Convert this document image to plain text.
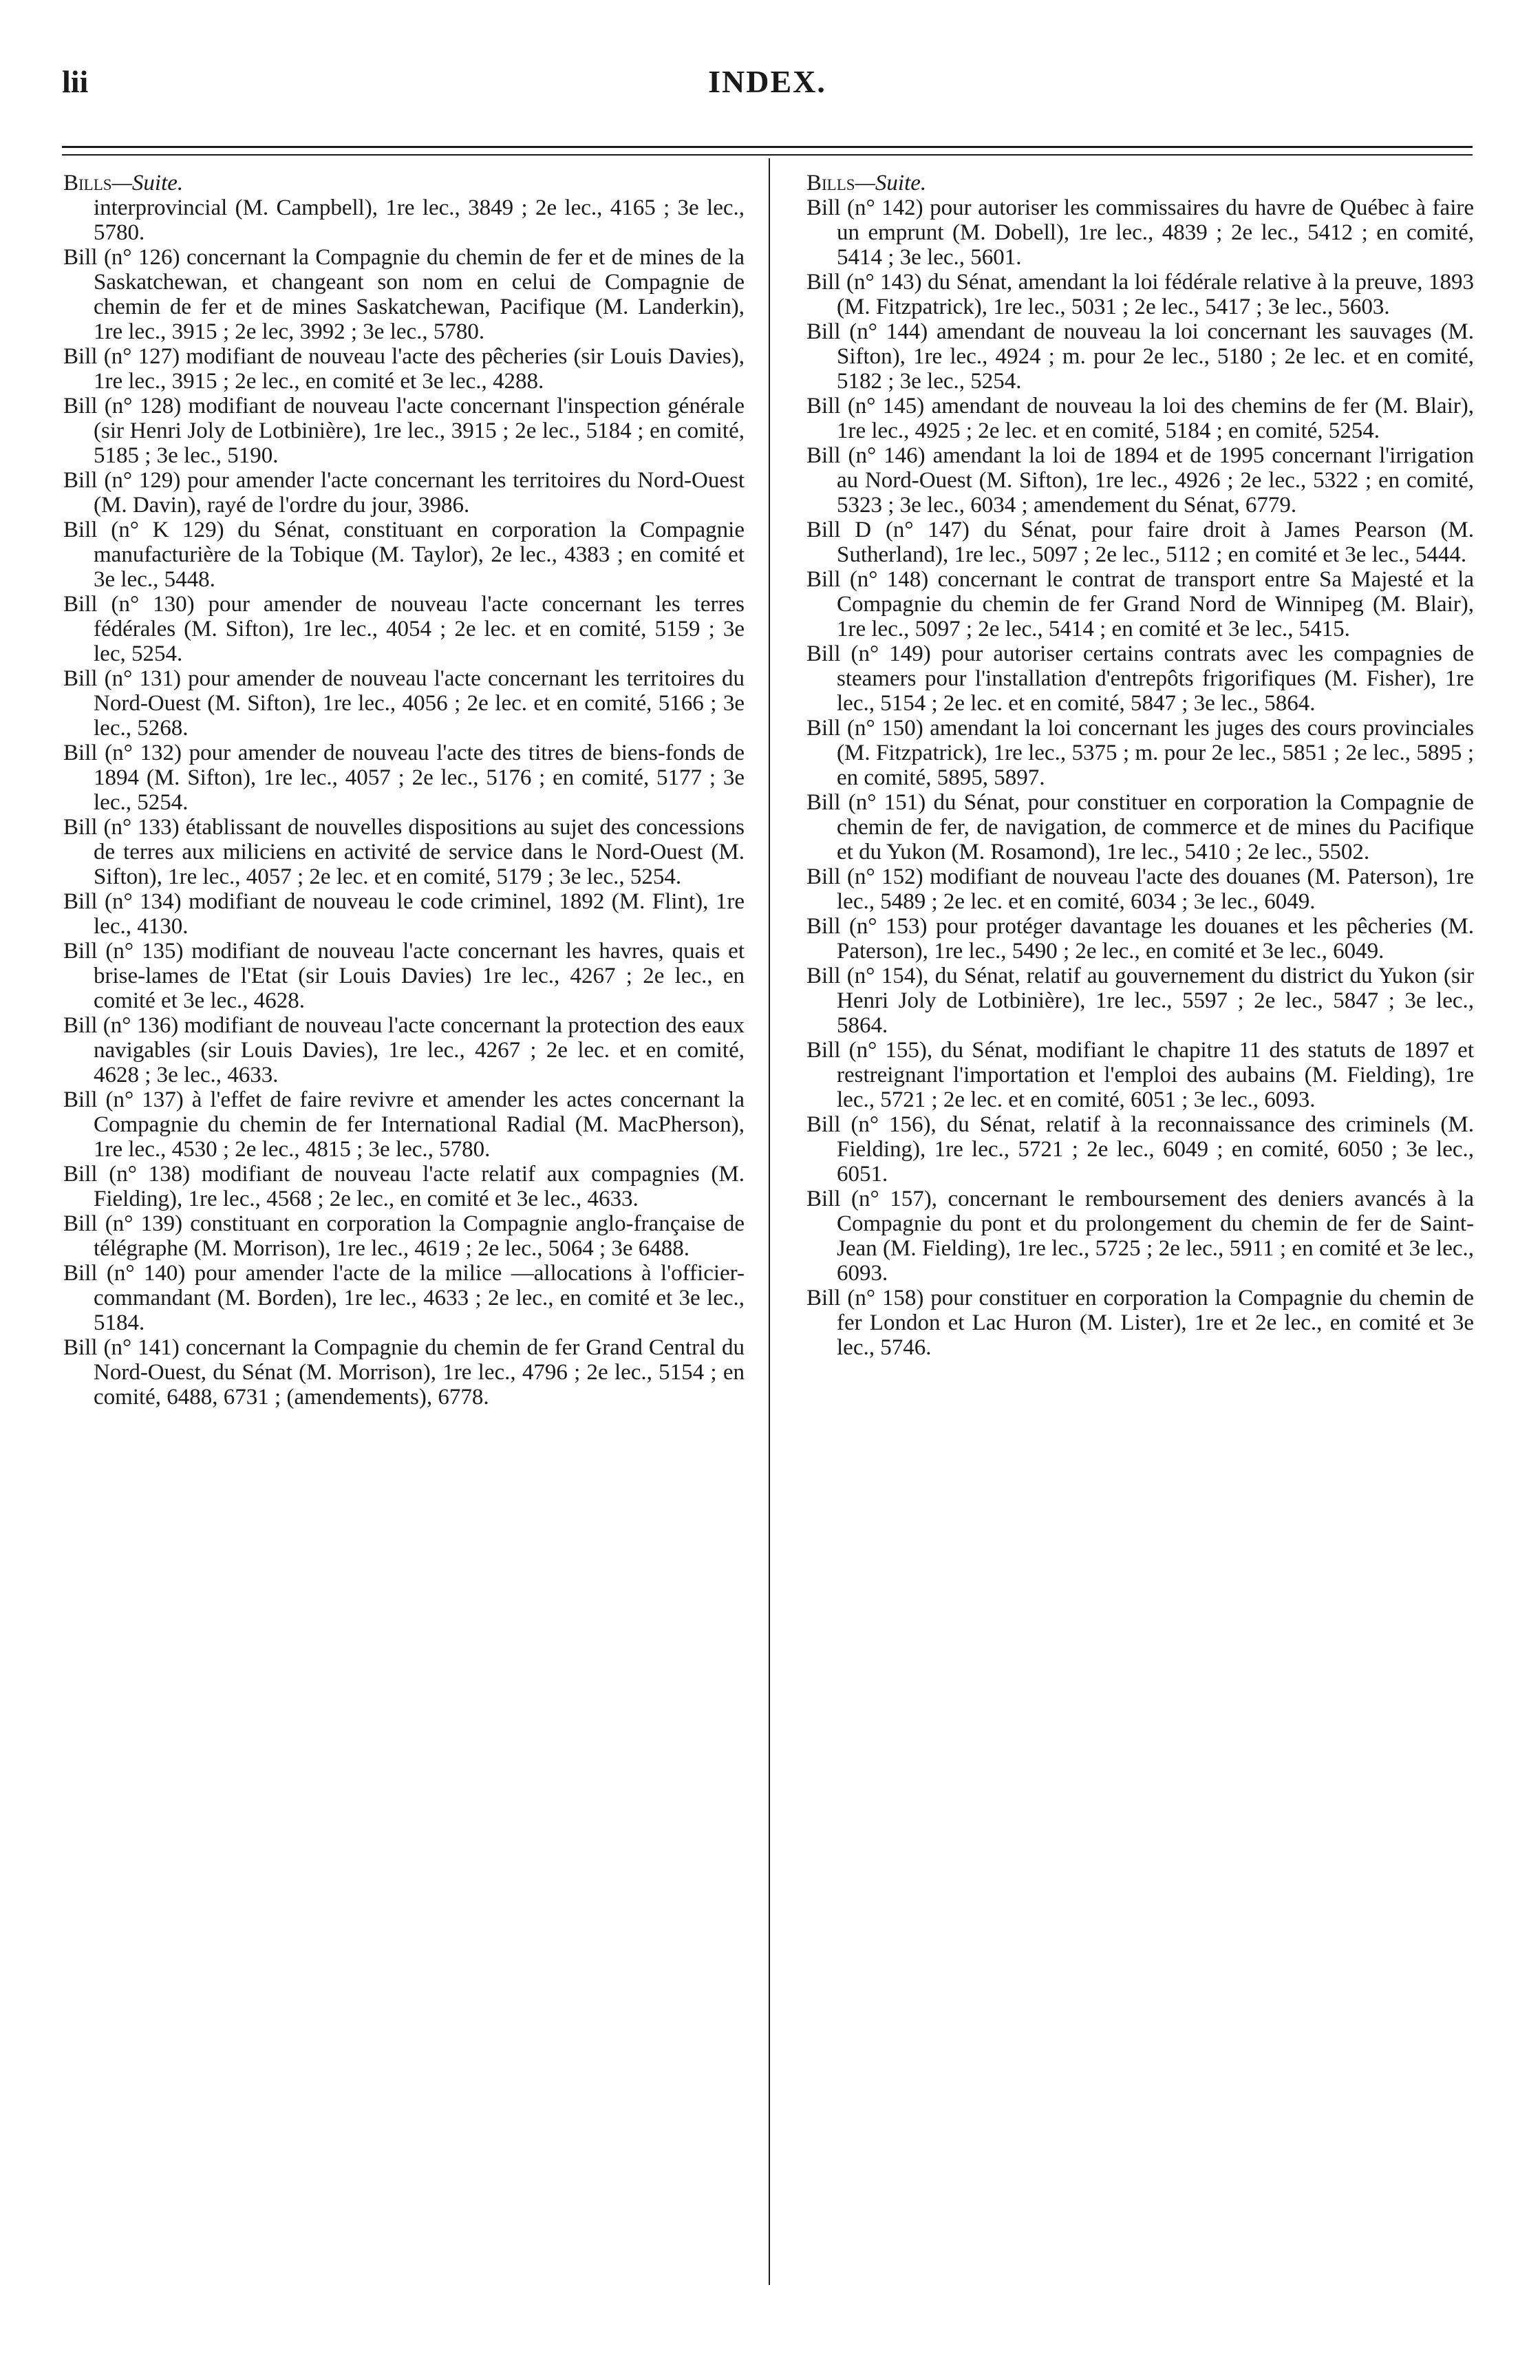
lii	INDEX.

Bills—Suite.

interprovincial (M. Campbell), 1re lec., 3849 ; 2e lec., 4165 ; 3e lec., 5780.

Bill (n° 126) concernant la Compagnie du chemin de fer et de mines de la Saskatchewan, et changeant son nom en celui de Compagnie de chemin de fer et de mines Saskatchewan, Pacifique (M. Landerkin), 1re lec., 3915 ; 2e lec, 3992 ; 3e lec., 5780.

Bill (n° 127) modifiant de nouveau l'acte des pêcheries (sir Louis Davies), 1re lec., 3915 ; 2e lec., en comité et 3e lec., 4288.

Bill (n° 128) modifiant de nouveau l'acte concernant l'inspection générale (sir Henri Joly de Lotbinière), 1re lec., 3915 ; 2e lec., 5184 ; en comité, 5185 ; 3e lec., 5190.

Bill (n° 129) pour amender l'acte concernant les territoires du Nord-Ouest (M. Davin), rayé de l'ordre du jour, 3986.

Bill (n° K 129) du Sénat, constituant en corporation la Compagnie manufacturière de la Tobique (M. Taylor), 2e lec., 4383 ; en comité et 3e lec., 5448.

Bill (n° 130) pour amender de nouveau l'acte concernant les terres fédérales (M. Sifton), 1re lec., 4054 ; 2e lec. et en comité, 5159 ; 3e lec, 5254.

Bill (n° 131) pour amender de nouveau l'acte concernant les territoires du Nord-Ouest (M. Sifton), 1re lec., 4056 ; 2e lec. et en comité, 5166 ; 3e lec., 5268.

Bill (n° 132) pour amender de nouveau l'acte des titres de biens-fonds de 1894 (M. Sifton), 1re lec., 4057 ; 2e lec., 5176 ; en comité, 5177 ; 3e lec., 5254.

Bill (n° 133) établissant de nouvelles dispositions au sujet des concessions de terres aux miliciens en activité de service dans le Nord-Ouest (M. Sifton), 1re lec., 4057 ; 2e lec. et en comité, 5179 ; 3e lec., 5254.

Bill (n° 134) modifiant de nouveau le code criminel, 1892 (M. Flint), 1re lec., 4130.

Bill (n° 135) modifiant de nouveau l'acte concernant les havres, quais et brise-lames de l'Etat (sir Louis Davies) 1re lec., 4267 ; 2e lec., en comité et 3e lec., 4628.

Bill (n° 136) modifiant de nouveau l'acte concernant la protection des eaux navigables (sir Louis Davies), 1re lec., 4267 ; 2e lec. et en comité, 4628 ; 3e lec., 4633.

Bill (n° 137) à l'effet de faire revivre et amender les actes concernant la Compagnie du chemin de fer International Radial (M. MacPherson), 1re lec., 4530 ; 2e lec., 4815 ; 3e lec., 5780.

Bill (n° 138) modifiant de nouveau l'acte relatif aux compagnies (M. Fielding), 1re lec., 4568 ; 2e lec., en comité et 3e lec., 4633.

Bill (n° 139) constituant en corporation la Compagnie anglo-française de télégraphe (M. Morrison), 1re lec., 4619 ; 2e lec., 5064 ; 3e 6488.

Bill (n° 140) pour amender l'acte de la milice —allocations à l'officier-commandant (M. Borden), 1re lec., 4633 ; 2e lec., en comité et 3e lec., 5184.

Bill (n° 141) concernant la Compagnie du chemin de fer Grand Central du Nord-Ouest, du Sénat (M. Morrison), 1re lec., 4796 ; 2e lec., 5154 ; en comité, 6488, 6731 ; (amendements), 6778.

Bills—Suite.

Bill (n° 142) pour autoriser les commissaires du havre de Québec à faire un emprunt (M. Dobell), 1re lec., 4839 ; 2e lec., 5412 ; en comité, 5414 ; 3e lec., 5601.

Bill (n° 143) du Sénat, amendant la loi fédérale relative à la preuve, 1893 (M. Fitzpatrick), 1re lec., 5031 ; 2e lec., 5417 ; 3e lec., 5603.

Bill (n° 144) amendant de nouveau la loi concernant les sauvages (M. Sifton), 1re lec., 4924 ; m. pour 2e lec., 5180 ; 2e lec. et en comité, 5182 ; 3e lec., 5254.

Bill (n° 145) amendant de nouveau la loi des chemins de fer (M. Blair), 1re lec., 4925 ; 2e lec. et en comité, 5184 ; en comité, 5254.

Bill (n° 146) amendant la loi de 1894 et de 1995 concernant l'irrigation au Nord-Ouest (M. Sifton), 1re lec., 4926 ; 2e lec., 5322 ; en comité, 5323 ; 3e lec., 6034 ; amendement du Sénat, 6779.

Bill D (n° 147) du Sénat, pour faire droit à James Pearson (M. Sutherland), 1re lec., 5097 ; 2e lec., 5112 ; en comité et 3e lec., 5444.

Bill (n° 148) concernant le contrat de transport entre Sa Majesté et la Compagnie du chemin de fer Grand Nord de Winnipeg (M. Blair), 1re lec., 5097 ; 2e lec., 5414 ; en comité et 3e lec., 5415.

Bill (n° 149) pour autoriser certains contrats avec les compagnies de steamers pour l'installation d'entrepôts frigorifiques (M. Fisher), 1re lec., 5154 ; 2e lec. et en comité, 5847 ; 3e lec., 5864.

Bill (n° 150) amendant la loi concernant les juges des cours provinciales (M. Fitzpatrick), 1re lec., 5375 ; m. pour 2e lec., 5851 ; 2e lec., 5895 ; en comité, 5895, 5897.

Bill (n° 151) du Sénat, pour constituer en corporation la Compagnie de chemin de fer, de navigation, de commerce et de mines du Pacifique et du Yukon (M. Rosamond), 1re lec., 5410 ; 2e lec., 5502.

Bill (n° 152) modifiant de nouveau l'acte des douanes (M. Paterson), 1re lec., 5489 ; 2e lec. et en comité, 6034 ; 3e lec., 6049.

Bill (n° 153) pour protéger davantage les douanes et les pêcheries (M. Paterson), 1re lec., 5490 ; 2e lec., en comité et 3e lec., 6049.

Bill (n° 154), du Sénat, relatif au gouvernement du district du Yukon (sir Henri Joly de Lotbinière), 1re lec., 5597 ; 2e lec., 5847 ; 3e lec., 5864.

Bill (n° 155), du Sénat, modifiant le chapitre 11 des statuts de 1897 et restreignant l'importation et l'emploi des aubains (M. Fielding), 1re lec., 5721 ; 2e lec. et en comité, 6051 ; 3e lec., 6093.

Bill (n° 156), du Sénat, relatif à la reconnaissance des criminels (M. Fielding), 1re lec., 5721 ; 2e lec., 6049 ; en comité, 6050 ; 3e lec., 6051.

Bill (n° 157), concernant le remboursement des deniers avancés à la Compagnie du pont et du prolongement du chemin de fer de Saint-Jean (M. Fielding), 1re lec., 5725 ; 2e lec., 5911 ; en comité et 3e lec., 6093.

Bill (n° 158) pour constituer en corporation la Compagnie du chemin de fer London et Lac Huron (M. Lister), 1re et 2e lec., en comité et 3e lec., 5746.
